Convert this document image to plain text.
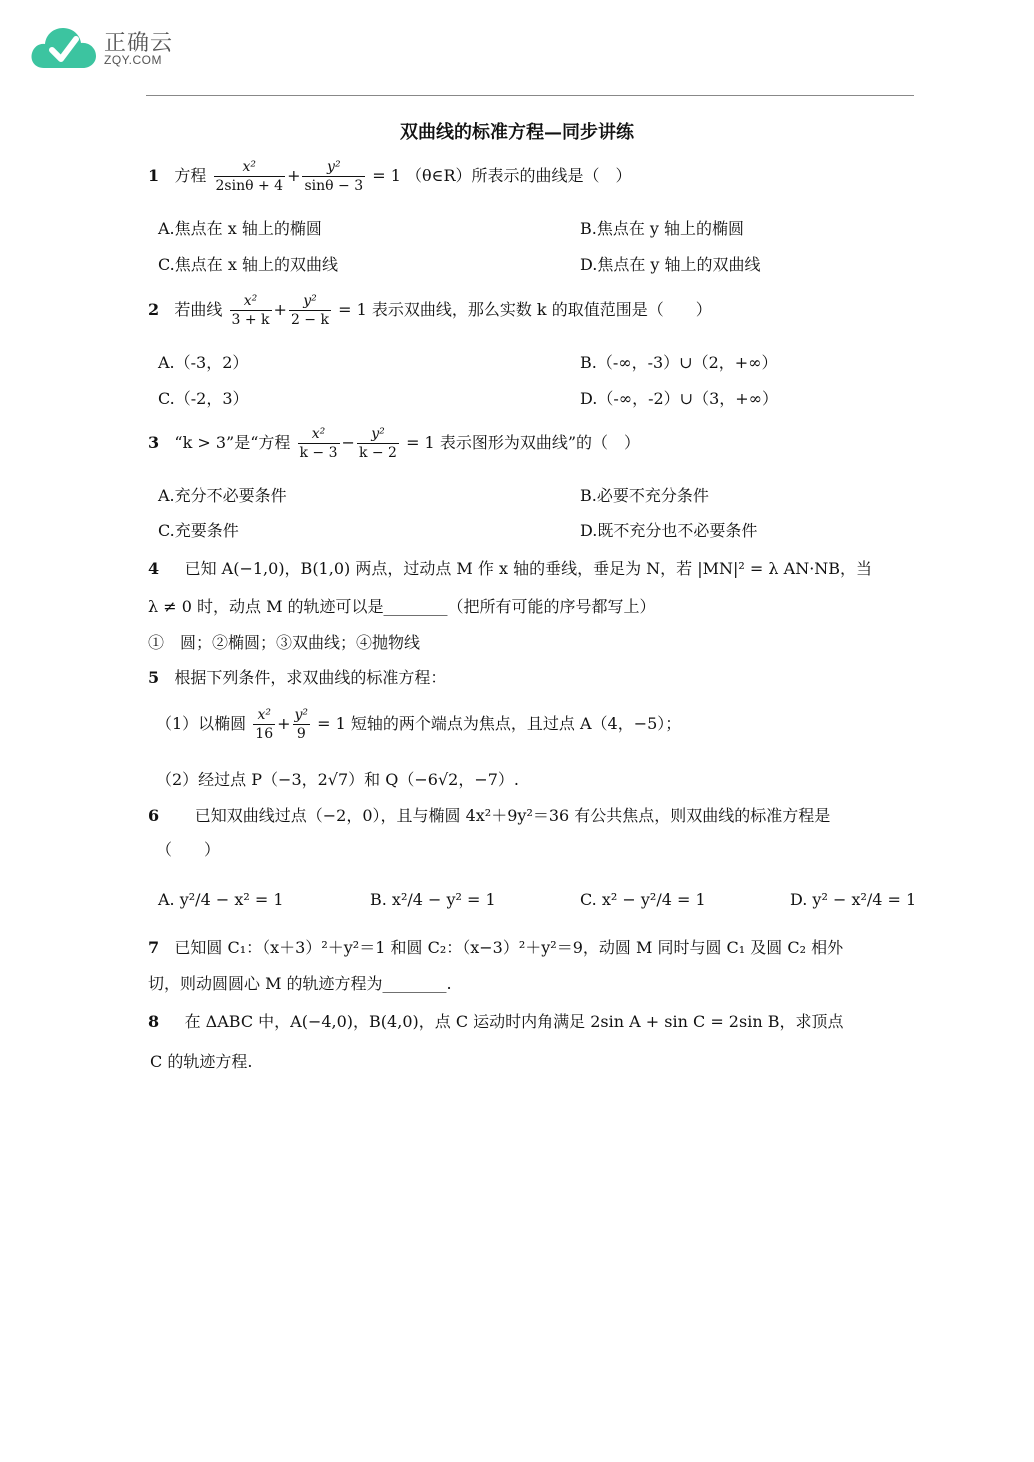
正确云
ZQY.COM
双曲线的标准方程—同步讲练
1 方程 $\frac{\text{x²}}{2\sin\theta + 4} + \frac{\text{y²}}{\sin\theta - 3} = 1$ （θ∈R）所表示的曲线是（　）
A.焦点在 x 轴上的椭圆	B.焦点在 y 轴上的椭圆
C.焦点在 x 轴上的双曲线	D.焦点在 y 轴上的双曲线
2 若曲线 $\frac{\text{x²}}{3 + k} + \frac{\text{y²}}{2 - k} = 1$ 表示双曲线，那么实数 k 的取值范围是（　　）
A.（-3，2）	B.（-∞，-3）∪（2，+∞）
C.（-2，3）	D.（-∞，-2）∪（3，+∞）
3 “k > 3”是“方程 $\frac{\text{x²}}{k - 3} - \frac{\text{y²}}{k - 2} = 1$ 表示图形为双曲线”的（　）
A.充分不必要条件	B.必要不充分条件
C.充要条件	D.既不充分也不必要条件
4 已知 A(−1,0)，B(1,0) 两点，过动点 M 作 x 轴的垂线，垂足为 N，若 |MN|² = λ AN·NB，当
λ ≠ 0 时，动点 M 的轨迹可以是________（把所有可能的序号都写上）
①　圆；②椭圆；③双曲线；④抛物线
5 根据下列条件，求双曲线的标准方程：
（1）以椭圆 $\frac{\text{x²}}{16} + \frac{\text{y²}}{9} = 1$ 短轴的两个端点为焦点，且过点 A（4，−5）；
（2）经过点 P（−3，2√7）和 Q（−6√2，−7）.
6 已知双曲线过点（−2，0），且与椭圆 4x²＋9y²＝36 有公共焦点，则双曲线的标准方程是
（　　）
A. y²/4 − x² = 1	B. x²/4 − y² = 1	C. x² − y²/4 = 1	D. y² − x²/4 = 1
7 已知圆 C₁：（x＋3）²＋y²＝1 和圆 C₂：（x−3）²＋y²＝9，动圆 M 同时与圆 C₁ 及圆 C₂ 相外
切，则动圆圆心 M 的轨迹方程为________.
8 在 ΔABC 中，A(−4,0)，B(4,0)，点 C 运动时内角满足 2sin A + sin C = 2sin B，求顶点
C 的轨迹方程.
